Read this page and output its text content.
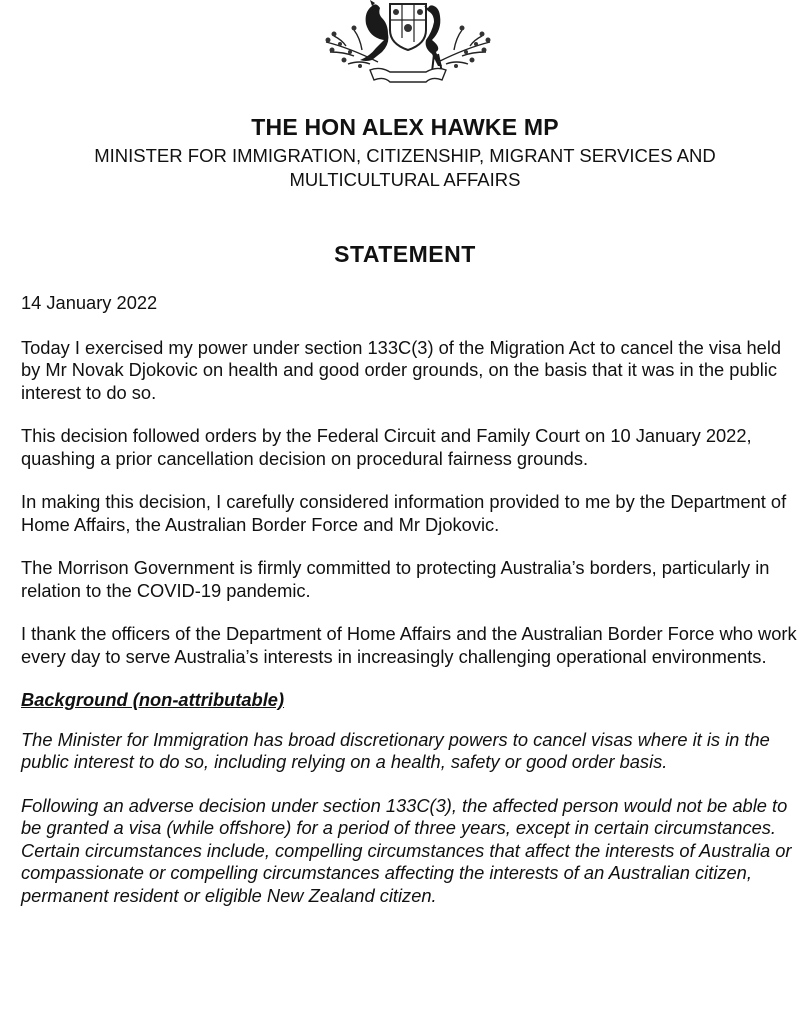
THE HON ALEX HAWKE MP

MINISTER FOR IMMIGRATION, CITIZENSHIP, MIGRANT SERVICES AND MULTICULTURAL AFFAIRS

STATEMENT

14 January 2022

Today I exercised my power under section 133C(3) of the Migration Act to cancel the visa held by Mr Novak Djokovic on health and good order grounds, on the basis that it was in the public interest to do so.

This decision followed orders by the Federal Circuit and Family Court on 10 January 2022, quashing a prior cancellation decision on procedural fairness grounds.

In making this decision, I carefully considered information provided to me by the Department of Home Affairs, the Australian Border Force and Mr Djokovic.

The Morrison Government is firmly committed to protecting Australia’s borders, particularly in relation to the COVID-19 pandemic.

I thank the officers of the Department of Home Affairs and the Australian Border Force who work every day to serve Australia’s interests in increasingly challenging operational environments.

Background (non-attributable)

The Minister for Immigration has broad discretionary powers to cancel visas where it is in the public interest to do so, including relying on a health, safety or good order basis.

Following an adverse decision under section 133C(3), the affected person would not be able to be granted a visa (while offshore) for a period of three years, except in certain circumstances. Certain circumstances include, compelling circumstances that affect the interests of Australia or compassionate or compelling circumstances affecting the interests of an Australian citizen, permanent resident or eligible New Zealand citizen.
